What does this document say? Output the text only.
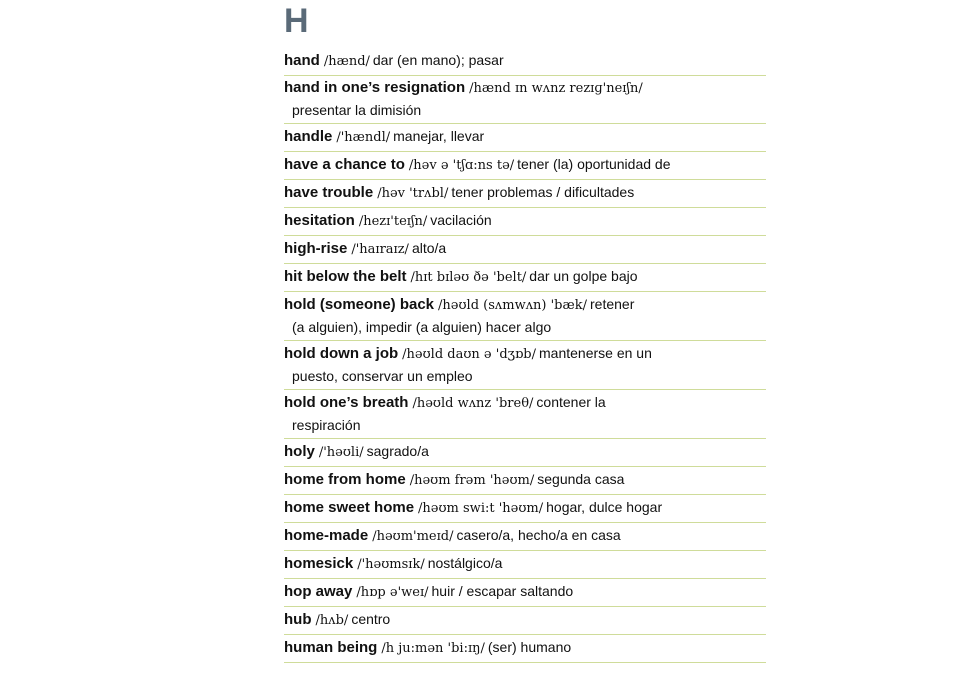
H
hand /hænd/ dar (en mano); pasar
hand in one’s resignation /hænd ɪn wʌnz rezɪɡ'neɪʃn/
presentar la dimisión
handle /'hændl/ manejar, llevar
have a chance to /həv ə 'tʃɑ:ns tə/ tener (la) oportunidad de
have trouble /həv 'trʌbl/ tener problemas / dificultades
hesitation /hezɪ'teɪʃn/ vacilación
high-rise /'haɪraɪz/ alto/a
hit below the belt /hɪt bɪləʊ ðə 'belt/ dar un golpe bajo
hold (someone) back /həʊld (sʌmwʌn) 'bæk/ retener
(a alguien), impedir (a alguien) hacer algo
hold down a job /həʊld daʊn ə 'dʒɒb/ mantenerse en un
puesto, conservar un empleo
hold one’s breath /həʊld wʌnz 'breθ/ contener la
respiración
holy /'həʊli/ sagrado/a
home from home /həʊm frəm 'həʊm/ segunda casa
home sweet home /həʊm swi:t 'həʊm/ hogar, dulce hogar
home-made /həʊm'meɪd/ casero/a, hecho/a en casa
homesick /'həʊmsɪk/ nostálgico/a
hop away /hɒp ə'weɪ/ huir / escapar saltando
hub /hʌb/ centro
human being /h ju:mən 'bi:ɪŋ/ (ser) humano
